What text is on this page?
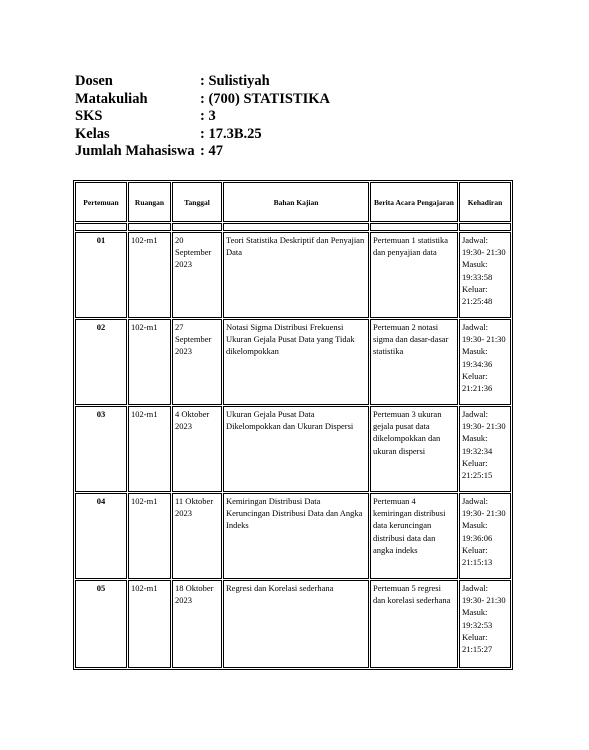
Dosen	: Sulistiyah
Matakuliah	: (700) STATISTIKA
SKS	: 3
Kelas	: 17.3B.25
Jumlah Mahasiswa : 47
Pertemuan	Ruangan	Tanggal	Bahan Kajian	Berita Acara Pengajaran	Kehadiran

01	102-m1	20 September 2023	Teori Statistika Deskriptif dan Penyajian Data	Pertemuan 1 statistika dan penyajian data	Jadwal: 19:30- 21:30 Masuk: 19:33:58 Keluar: 21:25:48
02	102-m1	27 September 2023	Notasi Sigma Distribusi Frekuensi Ukuran Gejala Pusat Data yang Tidak dikelompokkan	Pertemuan 2 notasi sigma dan dasar-dasar statistika	Jadwal: 19:30- 21:30 Masuk: 19:34:36 Keluar: 21:21:36
03	102-m1	4 Oktober 2023	Ukuran Gejala Pusat Data Dikelompokkan dan Ukuran Dispersi	Pertemuan 3 ukuran gejala pusat data dikelompokkan dan ukuran dispersi	Jadwal: 19:30- 21:30 Masuk: 19:32:34 Keluar: 21:25:15
04	102-m1	11 Oktober 2023	Kemiringan Distribusi Data Keruncingan Distribusi Data dan Angka Indeks	Pertemuan 4 kemiringan distribusi data keruncingan distribusi data dan angka indeks	Jadwal: 19:30- 21:30 Masuk: 19:36:06 Keluar: 21:15:13
05	102-m1	18 Oktober 2023	Regresi dan Korelasi sederhana	Pertemuan 5 regresi dan korelasi sederhana	Jadwal: 19:30- 21:30 Masuk: 19:32:53 Keluar: 21:15:27
